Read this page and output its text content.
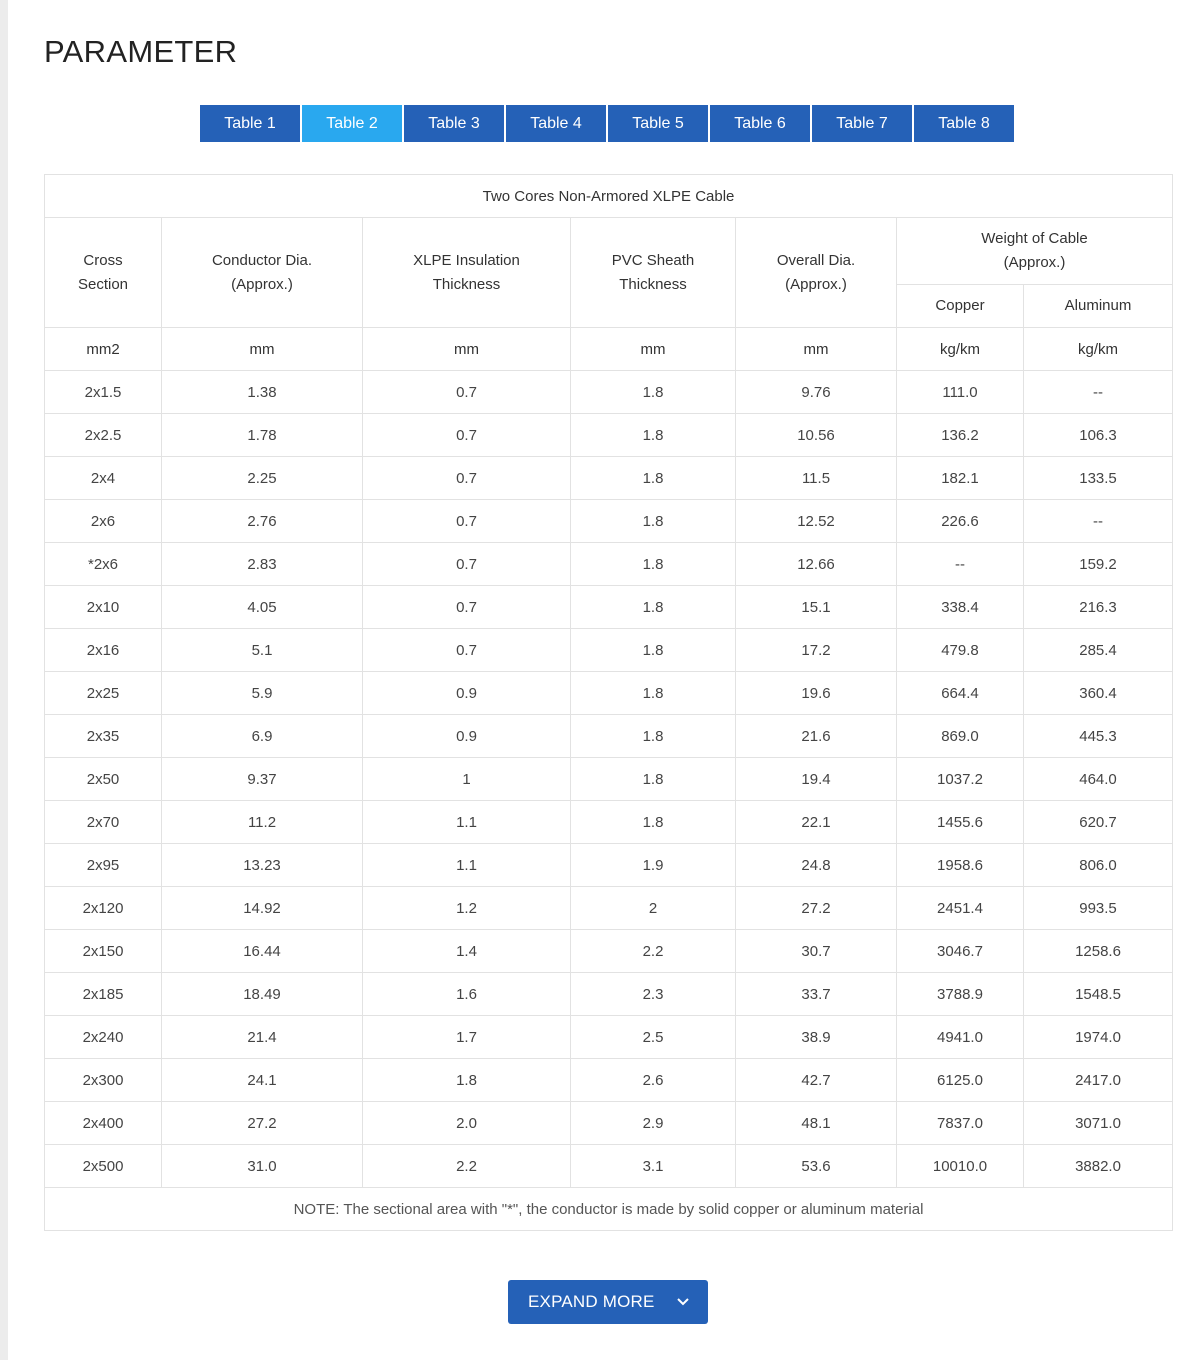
PARAMETER
Table 1	Table 2	Table 3	Table 4	Table 5	Table 6	Table 7	Table 8
Two Cores Non-Armored XLPE Cable						

Cross Section	Conductor Dia. (Approx.)	XLPE Insulation Thickness	PVC Sheath Thickness	Overall Dia. (Approx.)	Weight of Cable (Approx.)	

					Copper	Aluminum
mm2	mm	mm	mm	mm	kg/km	kg/km
2x1.5	1.38	0.7	1.8	9.76	111.0	--
2x2.5	1.78	0.7	1.8	10.56	136.2	106.3
2x4	2.25	0.7	1.8	11.5	182.1	133.5
2x6	2.76	0.7	1.8	12.52	226.6	--
*2x6	2.83	0.7	1.8	12.66	--	159.2
2x10	4.05	0.7	1.8	15.1	338.4	216.3
2x16	5.1	0.7	1.8	17.2	479.8	285.4
2x25	5.9	0.9	1.8	19.6	664.4	360.4
2x35	6.9	0.9	1.8	21.6	869.0	445.3
2x50	9.37	1	1.8	19.4	1037.2	464.0
2x70	11.2	1.1	1.8	22.1	1455.6	620.7
2x95	13.23	1.1	1.9	24.8	1958.6	806.0
2x120	14.92	1.2	2	27.2	2451.4	993.5
2x150	16.44	1.4	2.2	30.7	3046.7	1258.6
2x185	18.49	1.6	2.3	33.7	3788.9	1548.5
2x240	21.4	1.7	2.5	38.9	4941.0	1974.0
2x300	24.1	1.8	2.6	42.7	6125.0	2417.0
2x400	27.2	2.0	2.9	48.1	7837.0	3071.0
2x500	31.0	2.2	3.1	53.6	10010.0	3882.0
NOTE: The sectional area with "*", the conductor is made by solid copper or aluminum material						
EXPAND MORE
